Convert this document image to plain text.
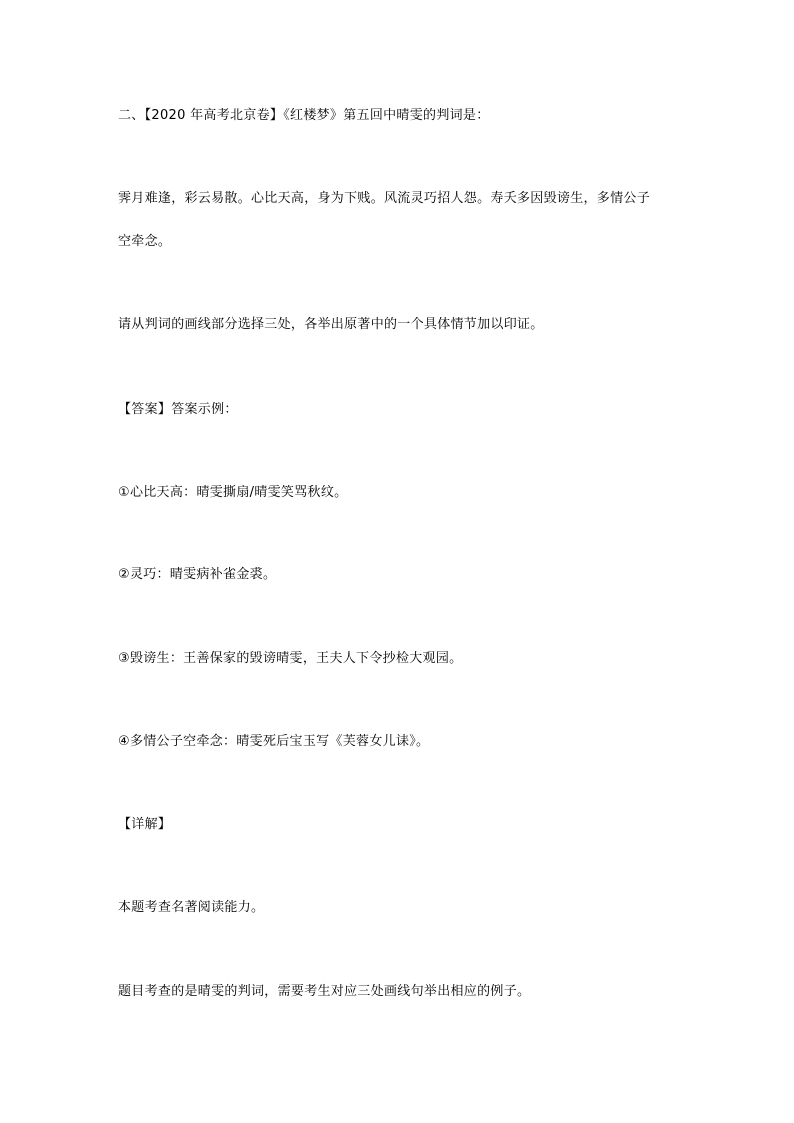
二、【2020 年高考北京卷】《红楼梦》第五回中晴雯的判词是：
霁月难逢，彩云易散。心比天高，身为下贱。风流灵巧招人怨。寿夭多因毁谤生，多情公子
空牵念。
请从判词的画线部分选择三处，各举出原著中的一个具体情节加以印证。
【答案】答案示例：
①心比天高：晴雯撕扇/晴雯笑骂秋纹。
②灵巧：晴雯病补雀金裘。
③毁谤生：王善保家的毁谤晴雯，王夫人下令抄检大观园。
④多情公子空牵念：晴雯死后宝玉写《芙蓉女儿诔》。
【详解】
本题考查名著阅读能力。
题目考查的是晴雯的判词，需要考生对应三处画线句举出相应的例子。
